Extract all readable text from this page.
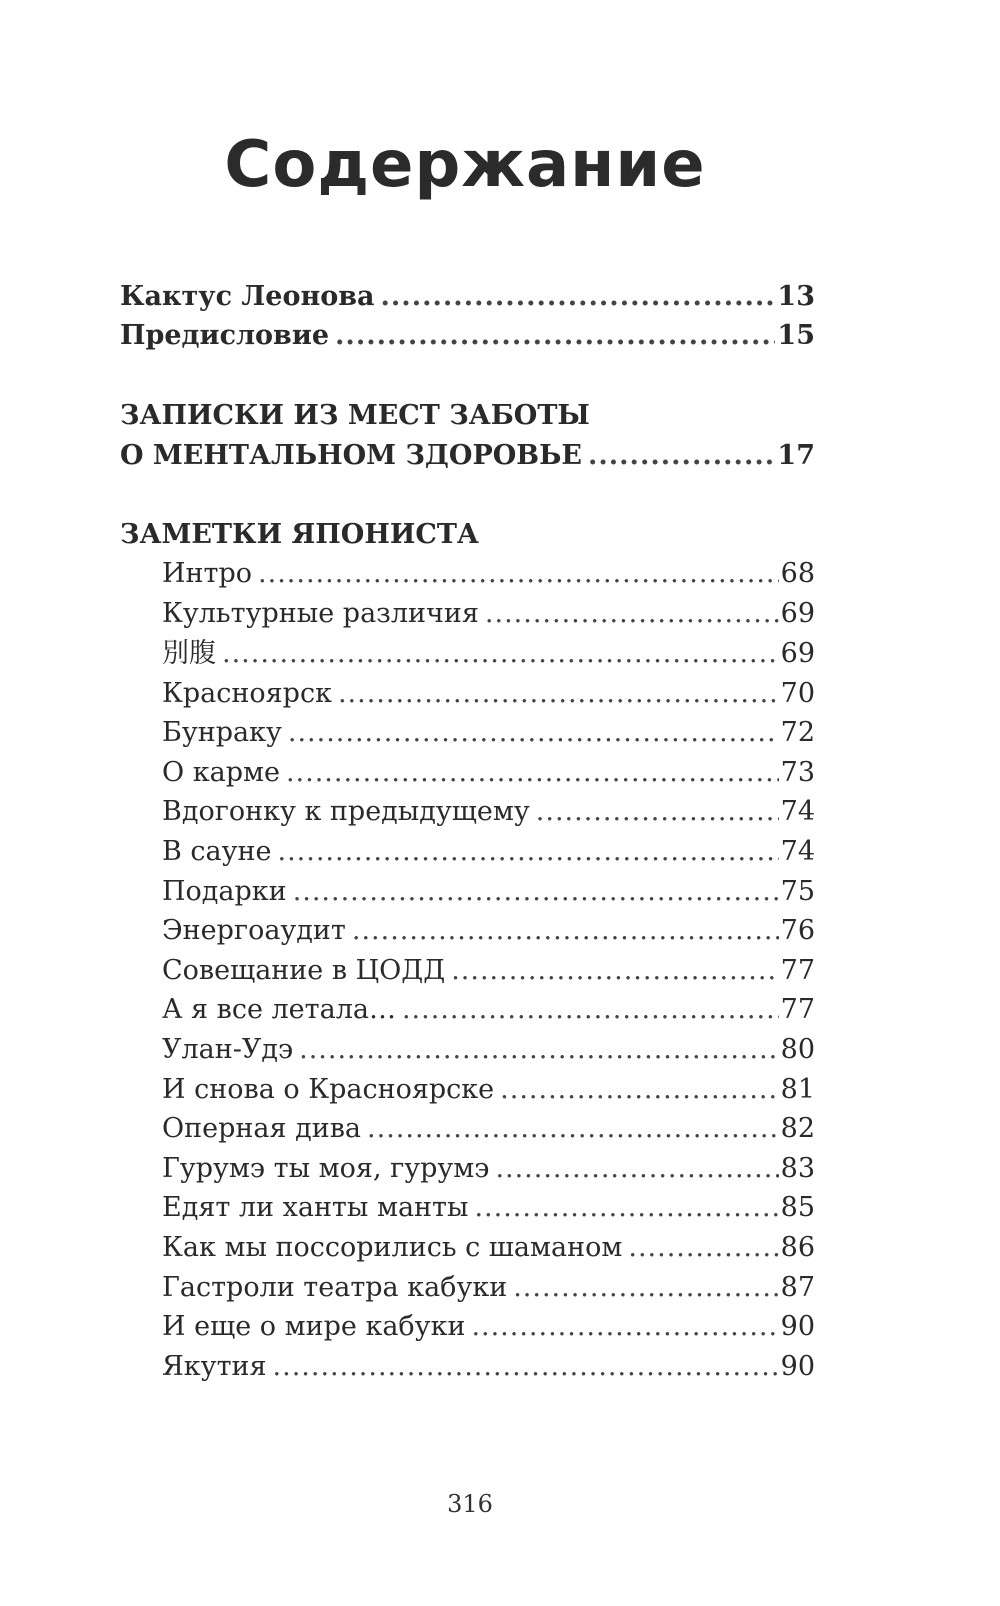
Содержание
Кактус Леонова .....	13
Предисловие .....	15
ЗАПИСКИ ИЗ МЕСТ ЗАБОТЫ
О МЕНТАЛЬНОМ ЗДОРОВЬЕ .....	17
ЗАМЕТКИ ЯПОНИСТА
Интро .....	68
Культурные различия .....	69
別腹 .....	69
Красноярск .....	70
Бунраку .....	72
О карме .....	73
Вдогонку к предыдущему .....	74
В сауне .....	74
Подарки .....	75
Энергоаудит .....	76
Совещание в ЦОДД .....	77
А я все летала… .....	77
Улан-Удэ .....	80
И снова о Красноярске .....	81
Оперная дива .....	82
Гурумэ ты моя, гурумэ .....	83
Едят ли ханты манты .....	85
Как мы поссорились с шаманом .....	86
Гастроли театра кабуки .....	87
И еще о мире кабуки .....	90
Якутия .....	90
316
